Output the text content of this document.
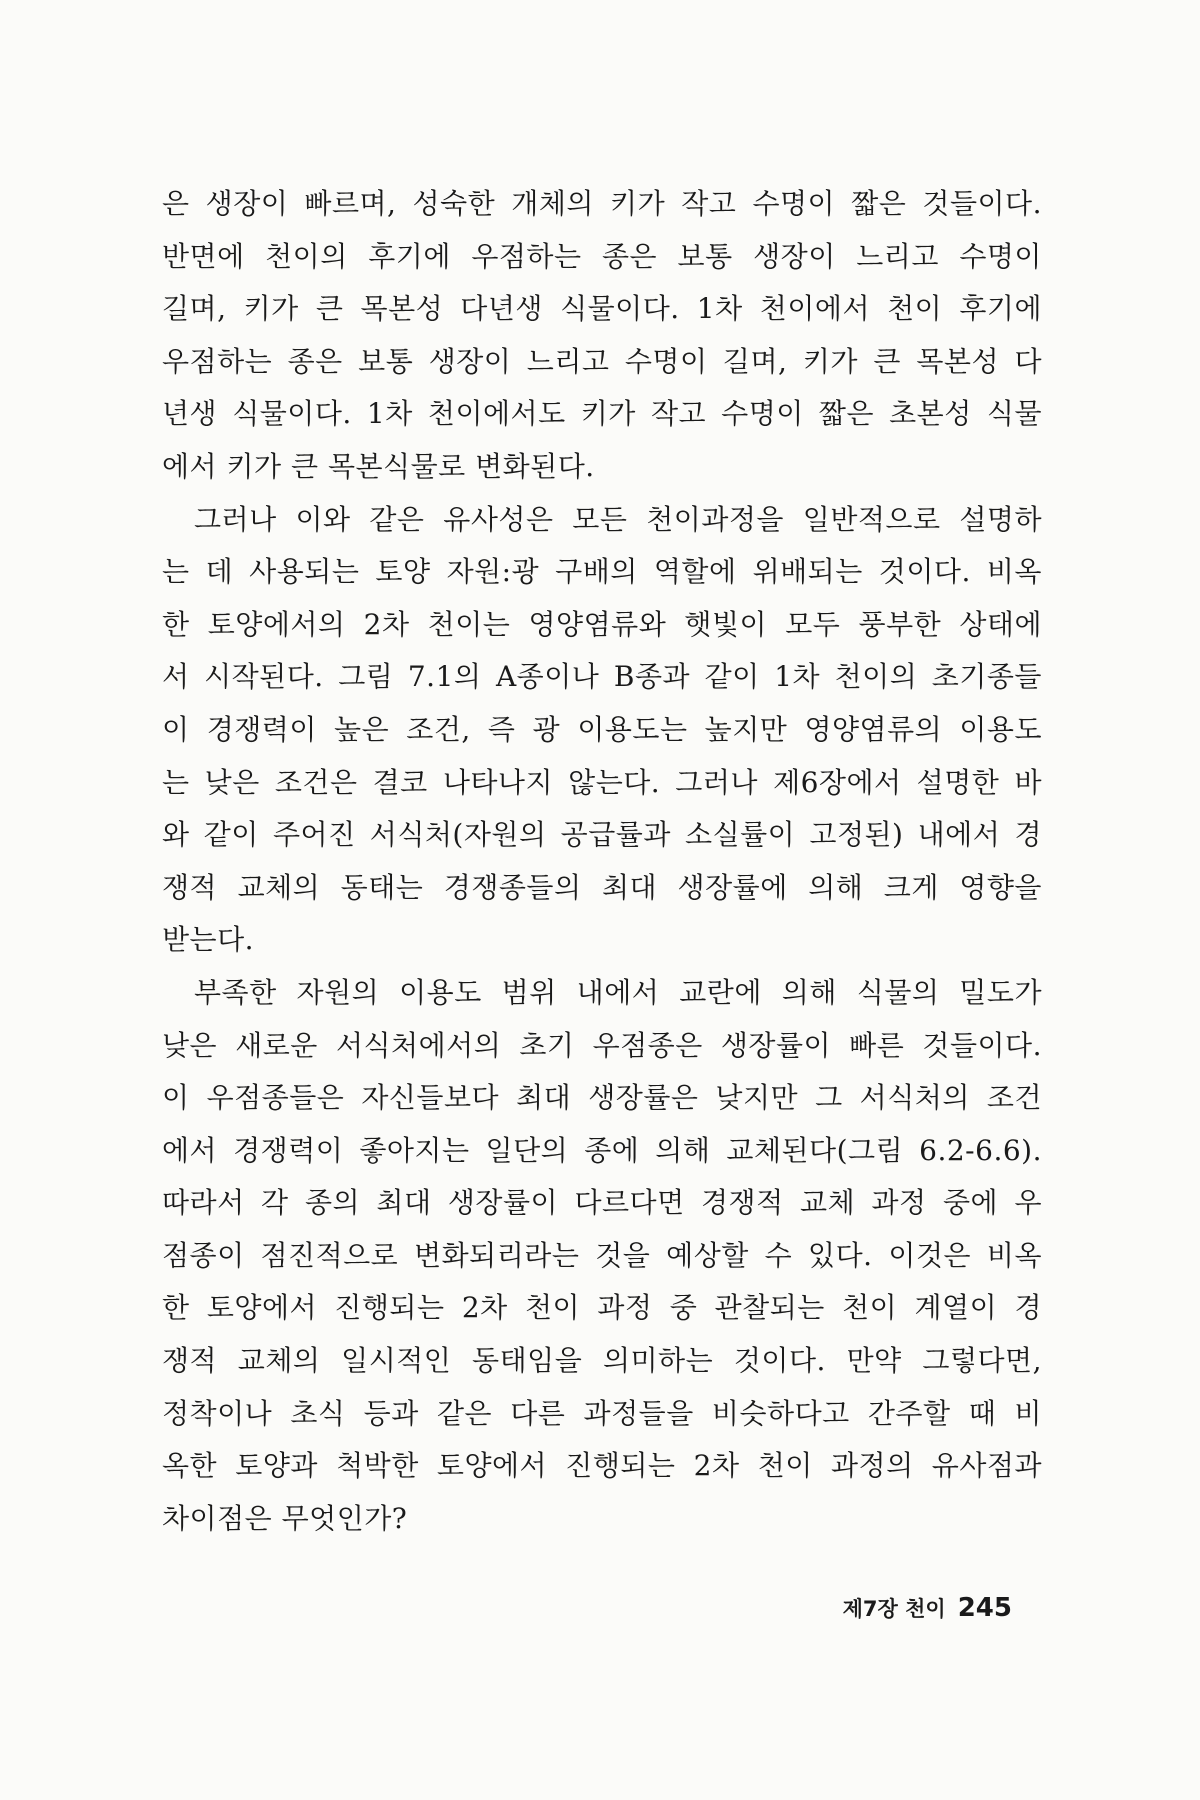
은 생장이 빠르며, 성숙한 개체의 키가 작고 수명이 짧은 것들이다.
반면에 천이의 후기에 우점하는 종은 보통 생장이 느리고 수명이
길며, 키가 큰 목본성 다년생 식물이다. 1차 천이에서 천이 후기에
우점하는 종은 보통 생장이 느리고 수명이 길며, 키가 큰 목본성 다
년생 식물이다. 1차 천이에서도 키가 작고 수명이 짧은 초본성 식물
에서 키가 큰 목본식물로 변화된다.
그러나 이와 같은 유사성은 모든 천이과정을 일반적으로 설명하
는 데 사용되는 토양 자원:광 구배의 역할에 위배되는 것이다. 비옥
한 토양에서의 2차 천이는 영양염류와 햇빛이 모두 풍부한 상태에
서 시작된다. 그림 7.1의 A종이나 B종과 같이 1차 천이의 초기종들
이 경쟁력이 높은 조건, 즉 광 이용도는 높지만 영양염류의 이용도
는 낮은 조건은 결코 나타나지 않는다. 그러나 제6장에서 설명한 바
와 같이 주어진 서식처(자원의 공급률과 소실률이 고정된) 내에서 경
쟁적 교체의 동태는 경쟁종들의 최대 생장률에 의해 크게 영향을
받는다.
부족한 자원의 이용도 범위 내에서 교란에 의해 식물의 밀도가
낮은 새로운 서식처에서의 초기 우점종은 생장률이 빠른 것들이다.
이 우점종들은 자신들보다 최대 생장률은 낮지만 그 서식처의 조건
에서 경쟁력이 좋아지는 일단의 종에 의해 교체된다(그림 6.2-6.6).
따라서 각 종의 최대 생장률이 다르다면 경쟁적 교체 과정 중에 우
점종이 점진적으로 변화되리라는 것을 예상할 수 있다. 이것은 비옥
한 토양에서 진행되는 2차 천이 과정 중 관찰되는 천이 계열이 경
쟁적 교체의 일시적인 동태임을 의미하는 것이다. 만약 그렇다면,
정착이나 초식 등과 같은 다른 과정들을 비슷하다고 간주할 때 비
옥한 토양과 척박한 토양에서 진행되는 2차 천이 과정의 유사점과
차이점은 무엇인가?
제7장 천이 245
